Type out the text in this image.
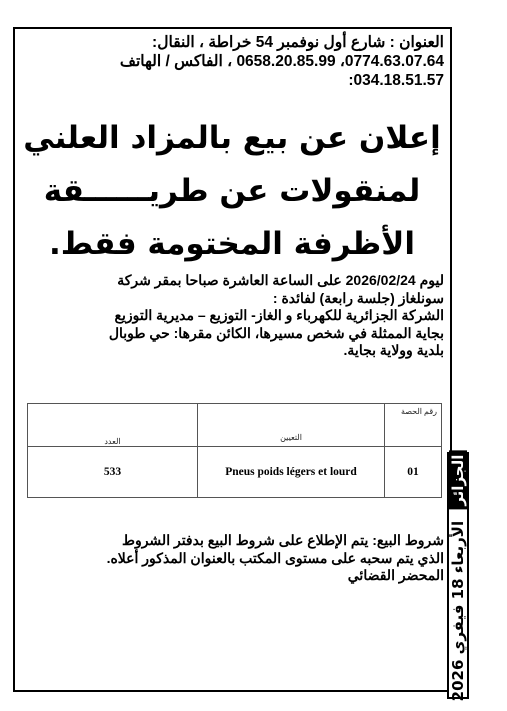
العنوان : شارع أول نوفمبر 54 خراطة ، النقال:
0774.63.07.64، 0658.20.85.99 ، الفاكس / الهاتف
034.18.51.57:
إعلان عن بيع بالمزاد العلني
لمنقولات عن طريــــــقة
الأظرفة المختومة فقط.
ليوم 2026/02/24 على الساعة العاشرة صباحا بمقر شركة
سونلغاز (جلسة رابعة) لفائدة :
الشركة الجزائرية للكهرباء و الغاز- التوزيع – مديرية التوزيع
بجاية الممثلة في شخص مسيرها، الكائن مقرها: حي طوبال
بلدية وولاية بجاية.
رقم الحصة	التعيين	العدد
01	Pneus poids légers et lourd	533
شروط البيع: يتم الإطلاع على شروط البيع بدفتر الشروط
الذي يتم سحبه على مستوى المكتب بالعنوان المذكور أعلاه.
المحضر القضائي
الجزائر الأربعاء 18 فيفري 2026
